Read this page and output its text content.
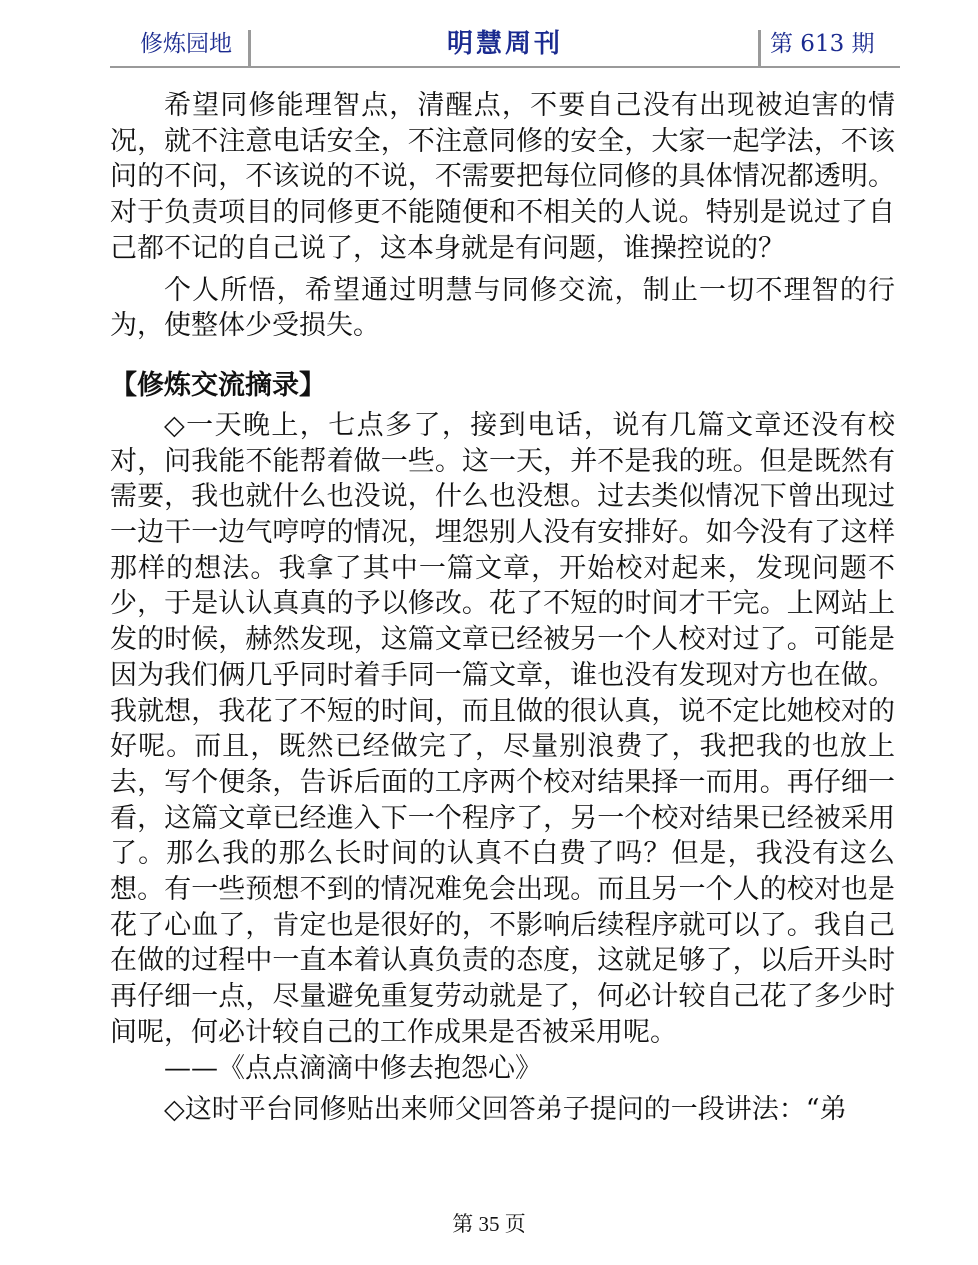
修炼园地	明慧周刊	第 613 期

希望同修能理智点，清醒点，不要自己没有出现被迫害的情况，就不注意电话安全，不注意同修的安全，大家一起学法，不该问的不问，不该说的不说，不需要把每位同修的具体情况都透明。对于负责项目的同修更不能随便和不相关的人说。特别是说过了自己都不记的自己说了，这本身就是有问题，谁操控说的？

个人所悟，希望通过明慧与同修交流，制止一切不理智的行为，使整体少受损失。

【修炼交流摘录】

◇一天晚上，七点多了，接到电话，说有几篇文章还没有校对，问我能不能帮着做一些。这一天，并不是我的班。但是既然有需要，我也就什么也没说，什么也没想。过去类似情况下曾出现过一边干一边气哼哼的情况，埋怨别人没有安排好。如今没有了这样那样的想法。我拿了其中一篇文章，开始校对起来，发现问题不少，于是认认真真的予以修改。花了不短的时间才干完。上网站上发的时候，赫然发现，这篇文章已经被另一个人校对过了。可能是因为我们俩几乎同时着手同一篇文章，谁也没有发现对方也在做。我就想，我花了不短的时间，而且做的很认真，说不定比她校对的好呢。而且，既然已经做完了，尽量别浪费了，我把我的也放上去，写个便条，告诉后面的工序两个校对结果择一而用。再仔细一看，这篇文章已经進入下一个程序了，另一个校对结果已经被采用了。那么我的那么长时间的认真不白费了吗？但是，我没有这么想。有一些预想不到的情况难免会出现。而且另一个人的校对也是花了心血了，肯定也是很好的，不影响后续程序就可以了。我自己在做的过程中一直本着认真负责的态度，这就足够了，以后开头时再仔细一点，尽量避免重复劳动就是了，何必计较自己花了多少时间呢，何必计较自己的工作成果是否被采用呢。

——《点点滴滴中修去抱怨心》

◇这时平台同修贴出来师父回答弟子提问的一段讲法：“弟

第 35 页
